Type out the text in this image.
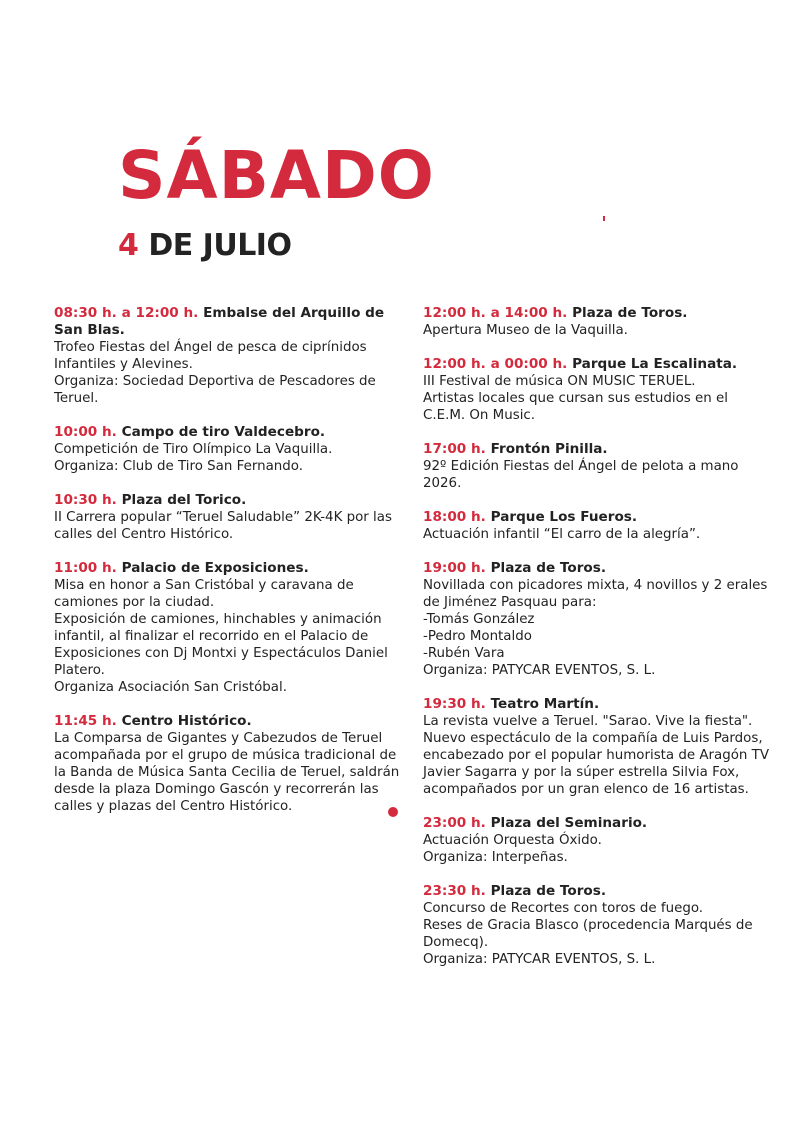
SÁBADO
4 DE JULIO
08:30 h. a 12:00 h. Embalse del Arquillo de San Blas.
Trofeo Fiestas del Ángel de pesca de ciprínidos Infantiles y Alevines.
Organiza: Sociedad Deportiva de Pescadores de Teruel.
10:00 h. Campo de tiro Valdecebro.
Competición de Tiro Olímpico La Vaquilla.
Organiza: Club de Tiro San Fernando.
10:30 h. Plaza del Torico.
II Carrera popular “Teruel Saludable” 2K-4K por las calles del Centro Histórico.
11:00 h. Palacio de Exposiciones.
Misa en honor a San Cristóbal y caravana de camiones por la ciudad.
Exposición de camiones, hinchables y animación infantil, al finalizar el recorrido en el Palacio de Exposiciones con Dj Montxi y Espectáculos Daniel Platero.
Organiza Asociación San Cristóbal.
11:45 h. Centro Histórico.
La Comparsa de Gigantes y Cabezudos de Teruel acompañada por el grupo de música tradicional de la Banda de Música Santa Cecilia de Teruel, saldrán desde la plaza Domingo Gascón y recorrerán las calles y plazas del Centro Histórico.
12:00 h. a 14:00 h. Plaza de Toros.
Apertura Museo de la Vaquilla.
12:00 h. a 00:00 h. Parque La Escalinata.
III Festival de música ON MUSIC TERUEL.
Artistas locales que cursan sus estudios en el C.E.M. On Music.
17:00 h. Frontón Pinilla.
92º Edición Fiestas del Ángel de pelota a mano 2026.
18:00 h. Parque Los Fueros.
Actuación infantil “El carro de la alegría”.
19:00 h. Plaza de Toros.
Novillada con picadores mixta, 4 novillos y 2 erales de Jiménez Pasquau para:
-Tomás González
-Pedro Montaldo
-Rubén Vara
Organiza: PATYCAR EVENTOS, S. L.
19:30 h. Teatro Martín.
La revista vuelve a Teruel. "Sarao. Vive la fiesta". Nuevo espectáculo de la compañía de Luis Pardos, encabezado por el popular humorista de Aragón TV Javier Sagarra y por la súper estrella Silvia Fox, acompañados por un gran elenco de 16 artistas.
23:00 h. Plaza del Seminario.
Actuación Orquesta Óxido.
Organiza: Interpeñas.
23:30 h. Plaza de Toros.
Concurso de Recortes con toros de fuego.
Reses de Gracia Blasco (procedencia Marqués de Domecq).
Organiza: PATYCAR EVENTOS, S. L.
